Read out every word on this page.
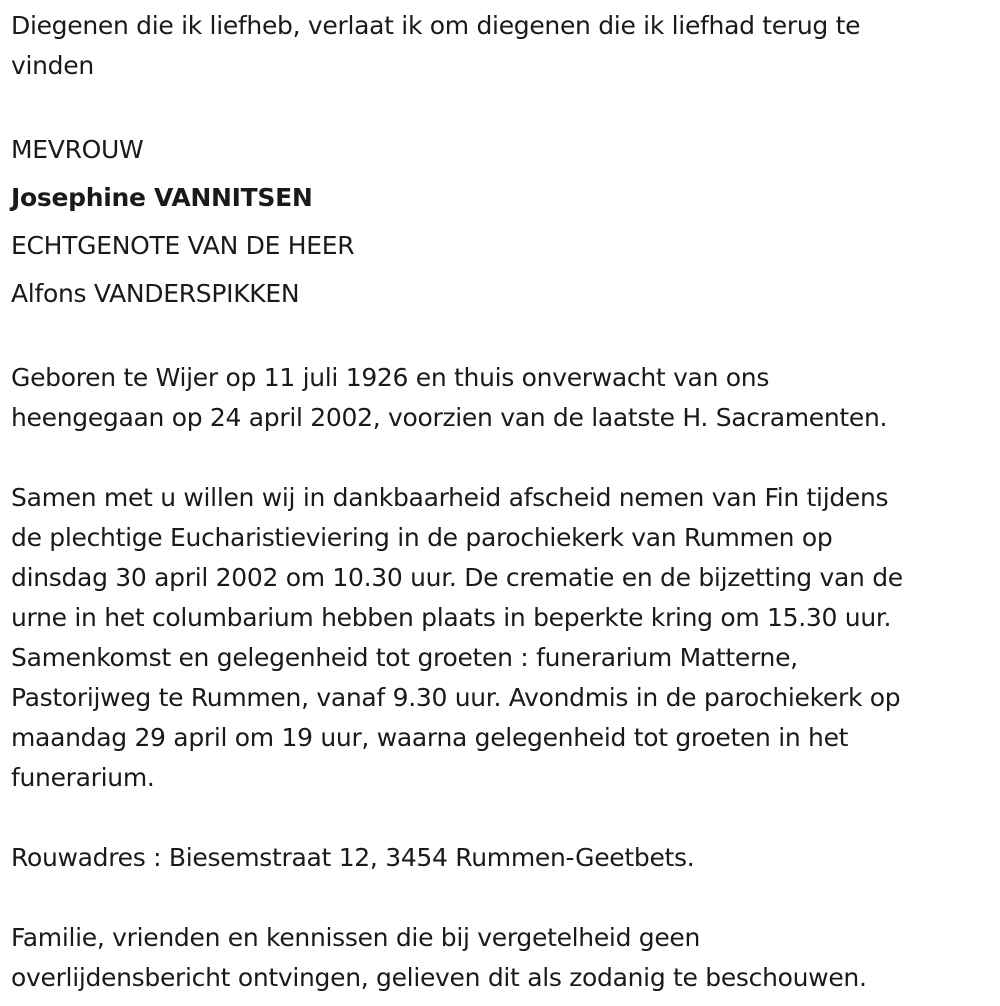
Diegenen die ik liefheb, verlaat ik om diegenen die ik liefhad terug te
vinden
MEVROUW
Josephine VANNITSEN
ECHTGENOTE VAN DE HEER
Alfons VANDERSPIKKEN
Geboren te Wijer op 11 juli 1926 en thuis onverwacht van ons
heengegaan op 24 april 2002, voorzien van de laatste H. Sacramenten.
Samen met u willen wij in dankbaarheid afscheid nemen van Fin tijdens
de plechtige Eucharistieviering in de parochiekerk van Rummen op
dinsdag 30 april 2002 om 10.30 uur. De crematie en de bijzetting van de
urne in het columbarium hebben plaats in beperkte kring om 15.30 uur.
Samenkomst en gelegenheid tot groeten : funerarium Matterne,
Pastorijweg te Rummen, vanaf 9.30 uur. Avondmis in de parochiekerk op
maandag 29 april om 19 uur, waarna gelegenheid tot groeten in het
funerarium.
Rouwadres : Biesemstraat 12, 3454 Rummen-Geetbets.
Familie, vrienden en kennissen die bij vergetelheid geen
overlijdensbericht ontvingen, gelieven dit als zodanig te beschouwen.
